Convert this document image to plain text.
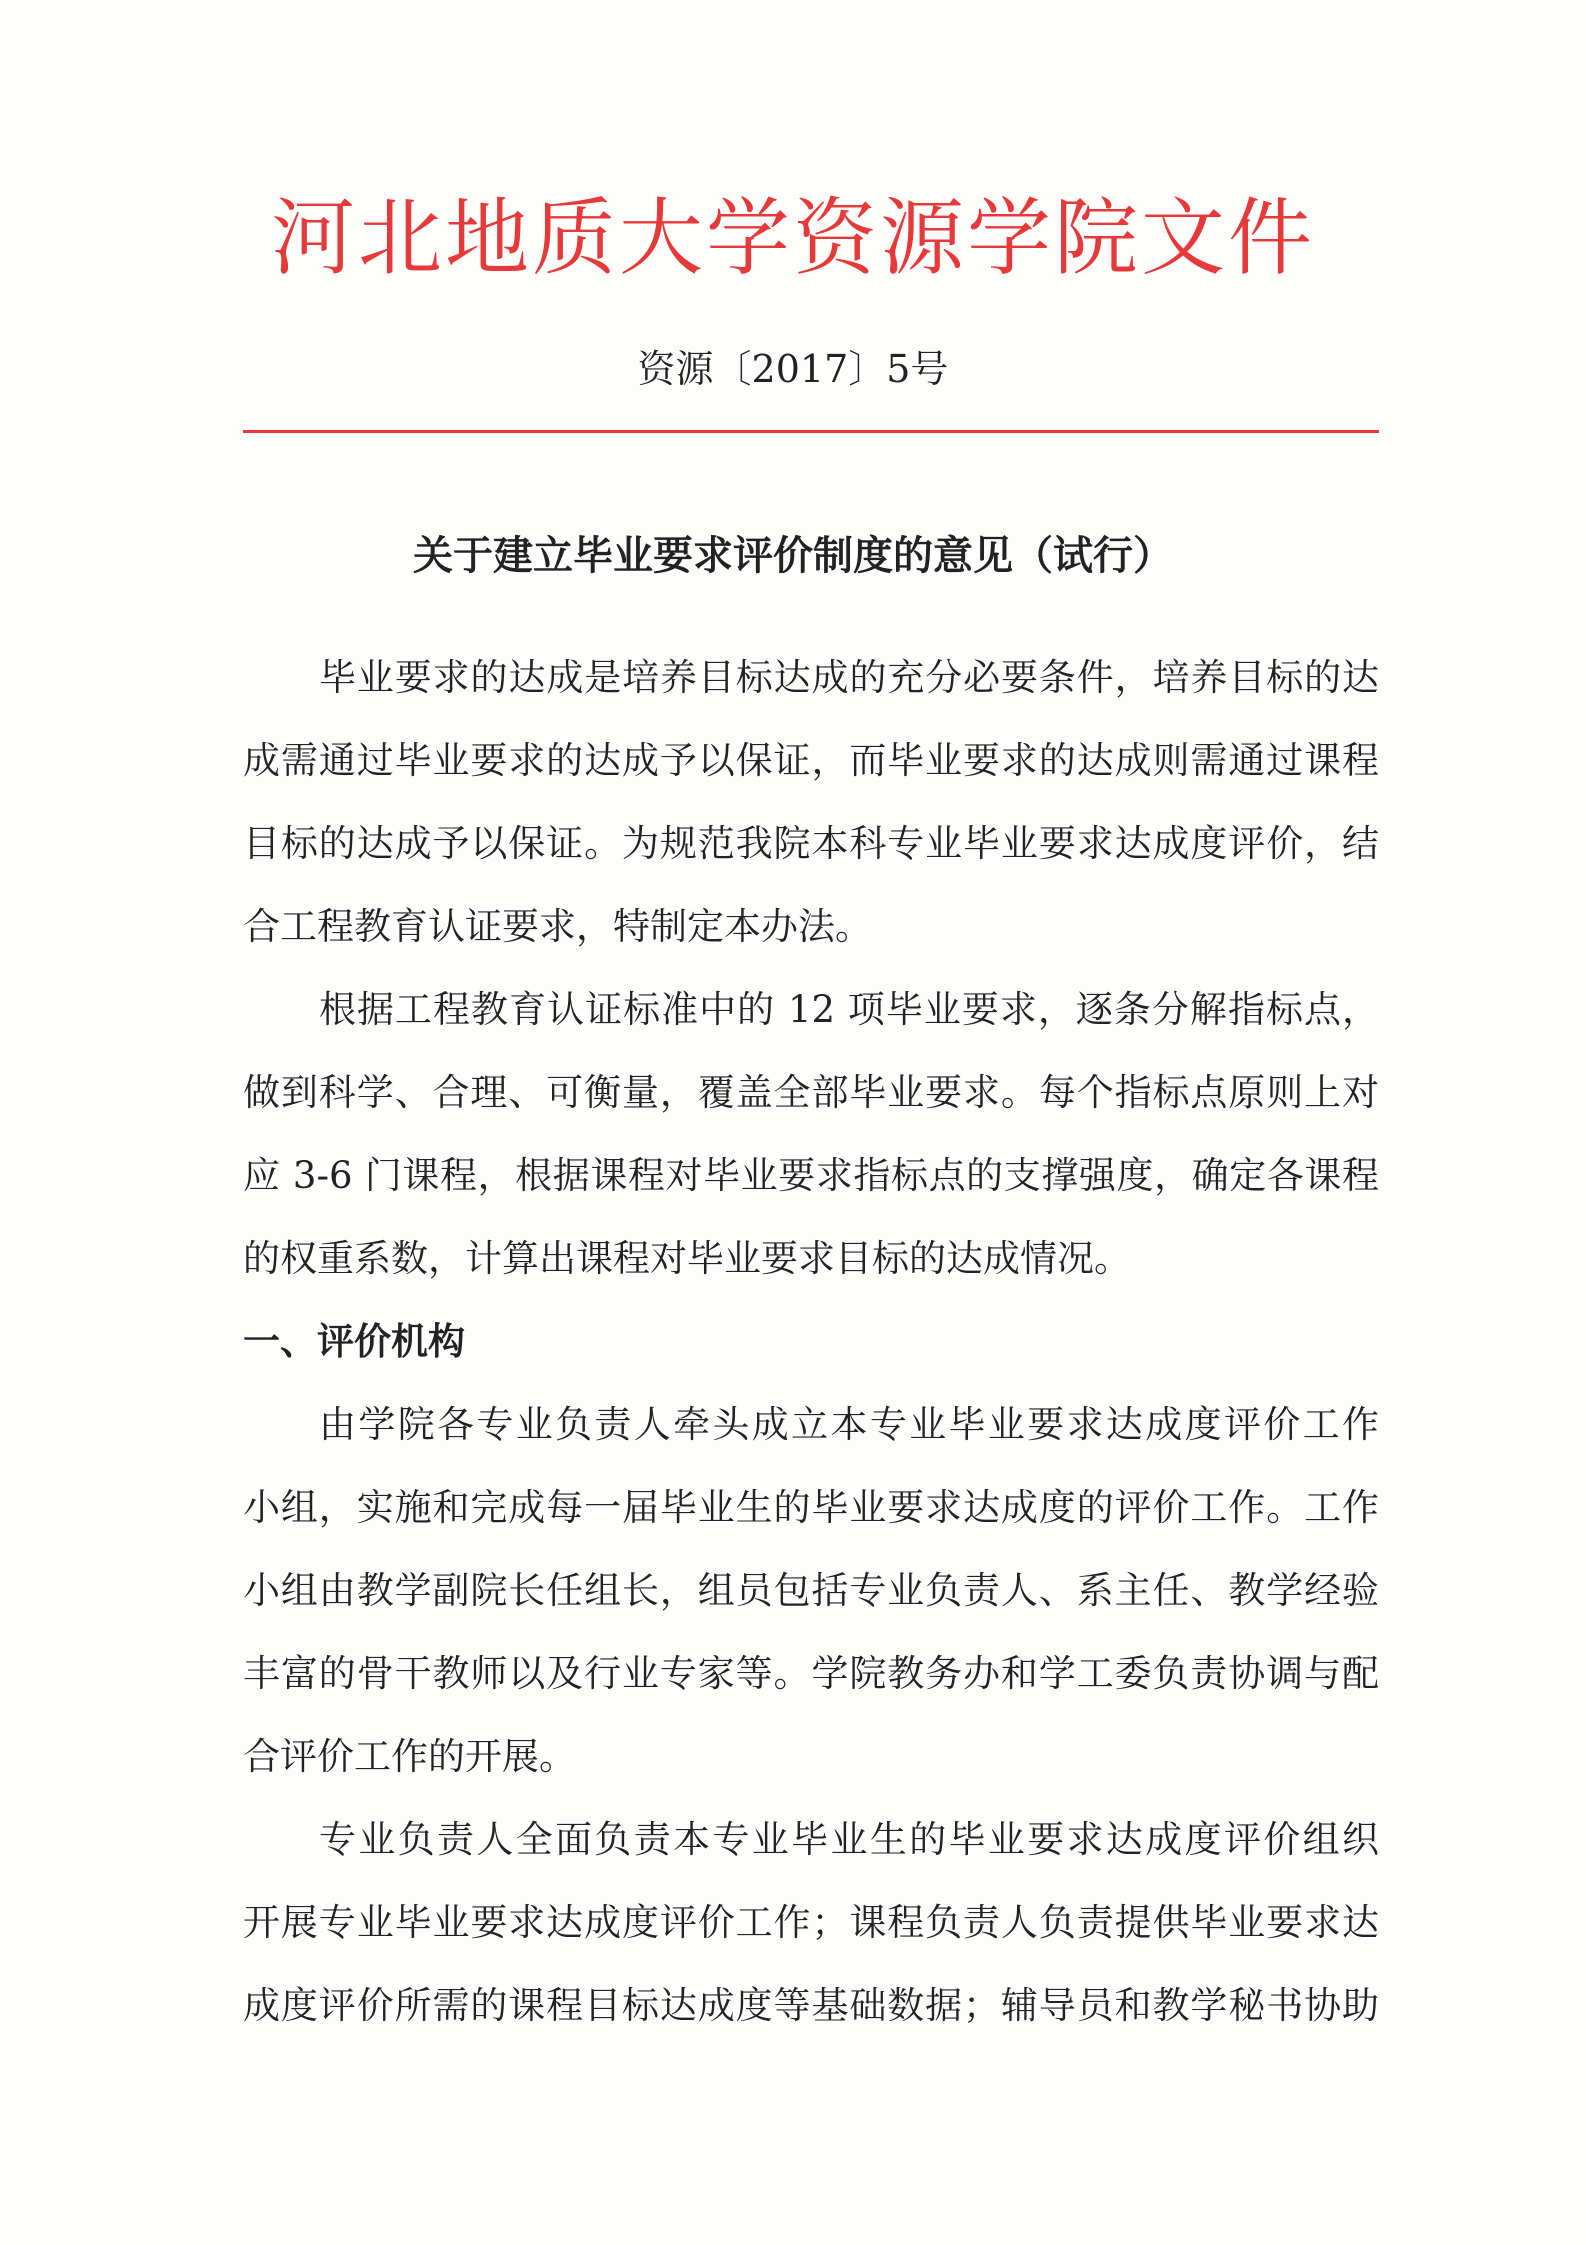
河北地质大学资源学院文件
资源〔2017〕5号
关于建立毕业要求评价制度的意见（试行）
毕业要求的达成是培养目标达成的充分必要条件，培养目标的达
成需通过毕业要求的达成予以保证，而毕业要求的达成则需通过课程
目标的达成予以保证。为规范我院本科专业毕业要求达成度评价，结
合工程教育认证要求，特制定本办法。
根据工程教育认证标准中的 12 项毕业要求，逐条分解指标点，
做到科学、合理、可衡量，覆盖全部毕业要求。每个指标点原则上对
应 3-6 门课程，根据课程对毕业要求指标点的支撑强度，确定各课程
的权重系数，计算出课程对毕业要求目标的达成情况。
一、评价机构
由学院各专业负责人牵头成立本专业毕业要求达成度评价工作
小组，实施和完成每一届毕业生的毕业要求达成度的评价工作。工作
小组由教学副院长任组长，组员包括专业负责人、系主任、教学经验
丰富的骨干教师以及行业专家等。学院教务办和学工委负责协调与配
合评价工作的开展。
专业负责人全面负责本专业毕业生的毕业要求达成度评价组织
开展专业毕业要求达成度评价工作；课程负责人负责提供毕业要求达
成度评价所需的课程目标达成度等基础数据；辅导员和教学秘书协助
